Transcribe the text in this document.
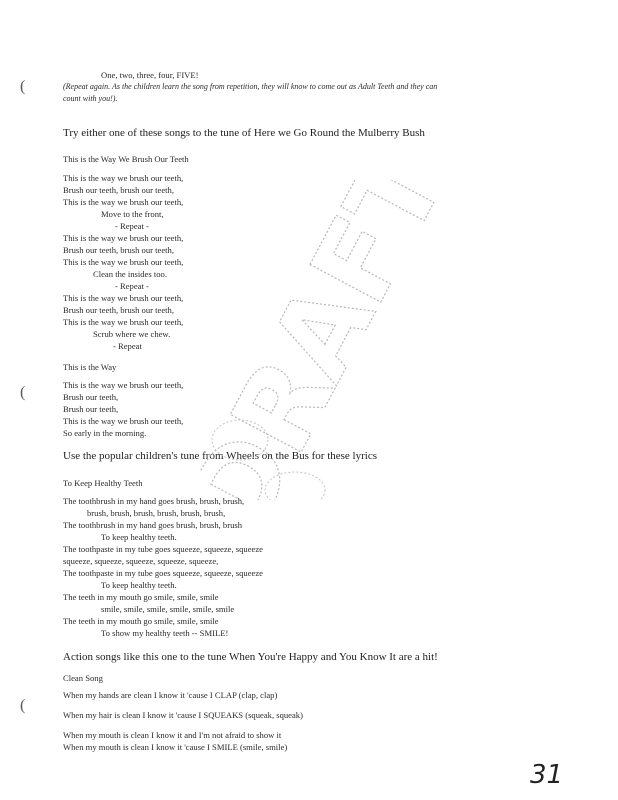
One, two, three, four, FIVE!
(Repeat again. As the children learn the song from repetition, they will know to come out as Adult Teeth and they can
count with you!).
(
Try either one of these songs to the tune of Here we Go Round the Mulberry Bush
This is the Way We Brush Our Teeth
This is the way we brush our teeth,
Brush our teeth, brush our teeth,
This is the way we brush our teeth,
Move to the front,
- Repeat -
This is the way we brush our teeth,
Brush our teeth, brush our teeth,
This is the way we brush our teeth,
Clean the insides too.
- Repeat -
This is the way we brush our teeth,
Brush our teeth, brush our teeth,
This is the way we brush our teeth,
Scrub where we chew.
- Repeat
This is the Way
This is the way we brush our teeth,
Brush our teeth,
Brush our teeth,
This is the way we brush our teeth,
So early in the morning.
(
Use the popular children's tune from Wheels on the Bus for these lyrics
To Keep Healthy Teeth
The toothbrush in my hand goes brush, brush, brush,
brush, brush, brush, brush, brush, brush,
The toothbrush in my hand goes brush, brush, brush
To keep healthy teeth.
The toothpaste in my tube goes squeeze, squeeze, squeeze
squeeze, squeeze, squeeze, squeeze, squeeze,
The toothpaste in my tube goes squeeze, squeeze, squeeze
To keep healthy teeth.
The teeth in my mouth go smile, smile, smile
smile, smile, smile, smile, smile, smile
The teeth in my mouth go smile, smile, smile
To show my healthy teeth -- SMILE!
Action songs like this one to the tune When You're Happy and You Know It are a hit!
Clean Song
When my hands are clean I know it 'cause I CLAP (clap, clap)
When my hair is clean I know it 'cause I SQUEAKS (squeak, squeak)
When my mouth is clean I know it and I'm not afraid to show it
When my mouth is clean I know it 'cause I SMILE (smile, smile)
(
DRAFT
31
